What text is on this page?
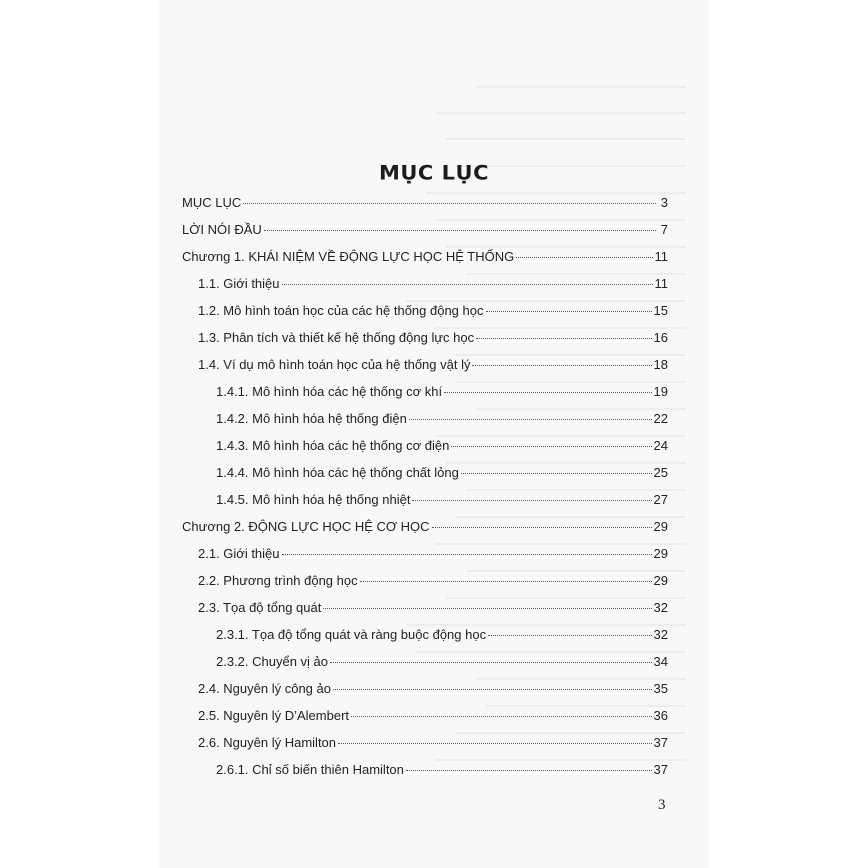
MỤC LỤC
MỤC LỤC	3
LỜI NÓI ĐẦU	7
Chương 1. KHÁI NIỆM VỀ ĐỘNG LỰC HỌC HỆ THỐNG	11
1.1. Giới thiệu	11
1.2. Mô hình toán học của các hệ thống động học	15
1.3. Phân tích và thiết kế hệ thống động lực học	16
1.4. Ví dụ mô hình toán học của hệ thống vật lý	18
1.4.1. Mô hình hóa các hệ thống cơ khí	19
1.4.2. Mô hình hóa hệ thống điện	22
1.4.3. Mô hình hóa các hệ thống cơ điện	24
1.4.4. Mô hình hóa các hệ thống chất lỏng	25
1.4.5. Mô hình hóa hệ thống nhiệt	27
Chương 2. ĐỘNG LỰC HỌC HỆ CƠ HỌC	29
2.1. Giới thiệu	29
2.2. Phương trình động học	29
2.3. Tọa độ tổng quát	32
2.3.1. Tọa độ tổng quát và ràng buộc động học	32
2.3.2. Chuyển vị ảo	34
2.4. Nguyên lý công ảo	35
2.5. Nguyên lý D’Alembert	36
2.6. Nguyên lý Hamilton	37
2.6.1. Chỉ số biến thiên Hamilton	37
3
